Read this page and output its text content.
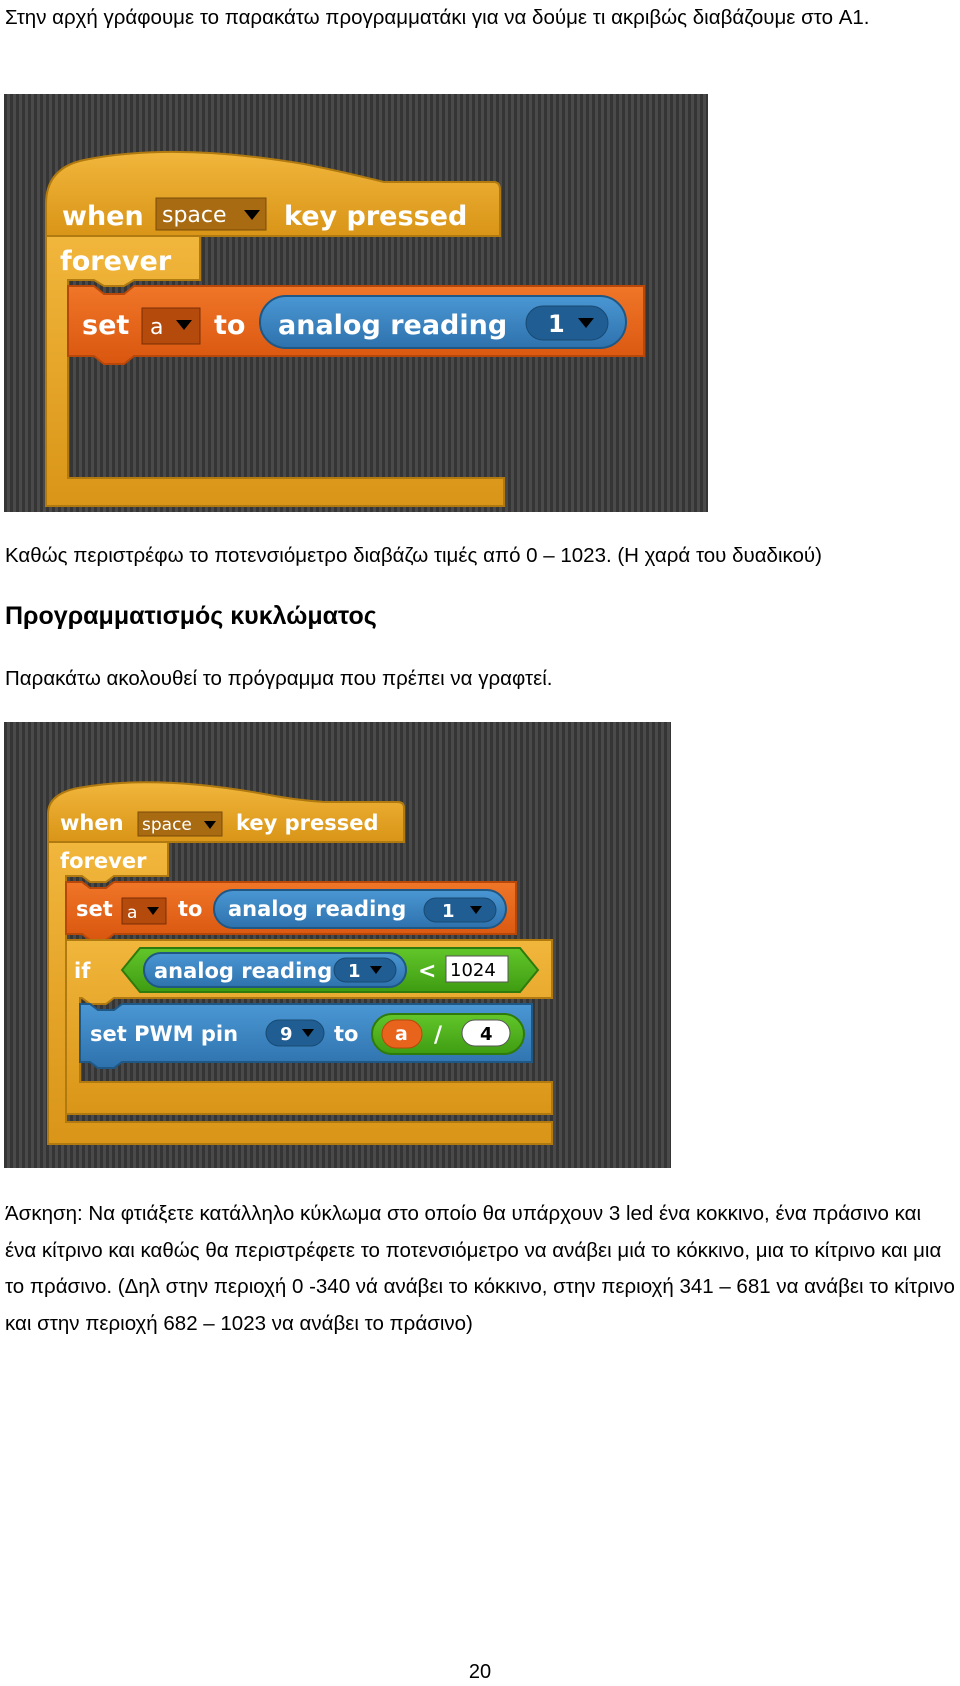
Στην αρχή γράφουμε το παρακάτω προγραμματάκι για να δούμε τι ακριβώς διαβάζουμε στο A1.

when space key pressed
forever
set a to analog reading 1

Καθώς περιστρέφω το ποτενσιόμετρο διαβάζω τιμές από 0 – 1023. (Η χαρά του δυαδικού)

Προγραμματισμός κυκλώματος

Παρακάτω ακολουθεί το πρόγραμμα που πρέπει να γραφτεί.

when space key pressed
forever
set a to analog reading 1
if	analog reading 1	< 1024
set PWM pin 9 to a / 4

Άσκηση: Να φτιάξετε κατάλληλο κύκλωμα στο οποίο θα υπάρχουν 3 led ένα κοκκινο, ένα πράσινο και ένα κίτρινο και καθώς θα περιστρέφετε το ποτενσιόμετρο να ανάβει μιά το κόκκινο, μια το κίτρινο και μια το πράσινο. (Δηλ στην περιοχή 0 -340 νά ανάβει το κόκκινο, στην περιοχή 341 – 681 να ανάβει το κίτρινο και στην περιοχή 682 – 1023 να ανάβει το πράσινο)

20
